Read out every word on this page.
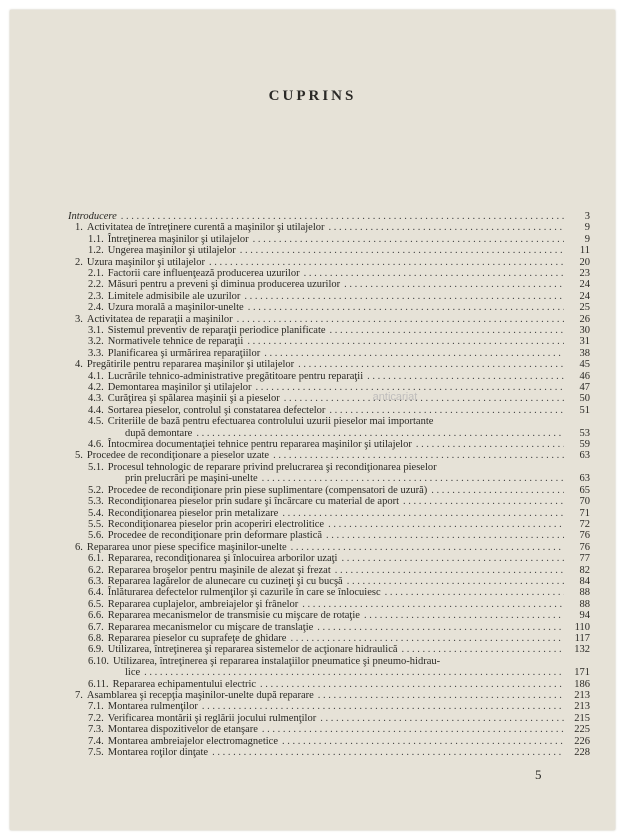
CUPRINS
Introducere . . .	3
1. Activitatea de întreţinere curentă a maşinilor şi utilajelor . . .	9
1.1. Întreţinerea maşinilor şi utilajelor . . .	9
1.2. Ungerea maşinilor şi utilajelor . . .	11
2. Uzura maşinilor şi utilajelor . . .	20
2.1. Factorii care influenţează producerea uzurilor . . .	23
2.2. Măsuri pentru a preveni şi diminua producerea uzurilor . . .	24
2.3. Limitele admisibile ale uzurilor . . .	24
2.4. Uzura morală a maşinilor-unelte . . .	25
3. Activitatea de reparaţii a maşinilor . . .	26
3.1. Sistemul preventiv de reparaţii periodice planificate . . .	30
3.2. Normativele tehnice de reparaţii . . .	31
3.3. Planificarea şi urmărirea reparaţiilor . . .	38
4. Pregătirile pentru repararea maşinilor şi utilajelor . . .	45
4.1. Lucrările tehnico-administrative pregătitoare pentru reparaţii . . .	46
4.2. Demontarea maşinilor şi utilajelor . . .	47
4.3. Curăţirea şi spălarea maşinii şi a pieselor . . .	50
4.4. Sortarea pieselor, controlul şi constatarea defectelor . . .	51
4.5. Criteriile de bază pentru efectuarea controlului uzurii pieselor mai importante
după demontare . . .	53
4.6. Întocmirea documentaţiei tehnice pentru repararea maşinilor şi utilajelor . . .	59
5. Procedee de recondiţionare a pieselor uzate . . .	63
5.1. Procesul tehnologic de reparare privind prelucrarea şi recondiţionarea pieselor
prin prelucrări pe maşini-unelte . . .	63
5.2. Procedee de recondiţionare prin piese suplimentare (compensatori de uzură) . . .	65
5.3. Recondiţionarea pieselor prin sudare şi încărcare cu material de aport . . .	70
5.4. Recondiţionarea pieselor prin metalizare . . .	71
5.5. Recondiţionarea pieselor prin acoperiri electrolitice . . .	72
5.6. Procedee de recondiţionare prin deformare plastică . . .	76
6. Repararea unor piese specifice maşinilor-unelte . . .	76
6.1. Repararea, recondiţionarea şi înlocuirea arborilor uzaţi . . .	77
6.2. Repararea broşelor pentru maşinile de alezat şi frezat . . .	82
6.3. Repararea lagărelor de alunecare cu cuzineţi şi cu bucşă . . .	84
6.4. Înlăturarea defectelor rulmenţilor şi cazurile în care se înlocuiesc . . .	88
6.5. Repararea cuplajelor, ambreiajelor şi frânelor . . .	88
6.6. Repararea mecanismelor de transmisie cu mişcare de rotaţie . . .	94
6.7. Repararea mecanismelor cu mişcare de translaţie . . .	110
6.8. Repararea pieselor cu suprafeţe de ghidare . . .	117
6.9. Utilizarea, întreţinerea şi repararea sistemelor de acţionare hidraulică . . .	132
6.10. Utilizarea, întreţinerea şi repararea instalaţiilor pneumatice şi pneumo-hidrau-
lice . . .	171
6.11. Repararea echipamentului electric . . .	186
7. Asamblarea şi recepţia maşinilor-unelte după reparare . . .	213
7.1. Montarea rulmenţilor . . .	213
7.2. Verificarea montării şi reglării jocului rulmenţilor . . .	215
7.3. Montarea dispozitivelor de etanşare . . .	225
7.4. Montarea ambreiajelor electromagnetice . . .	226
7.5. Montarea roţilor dinţate . . .	228
anticariat
5
